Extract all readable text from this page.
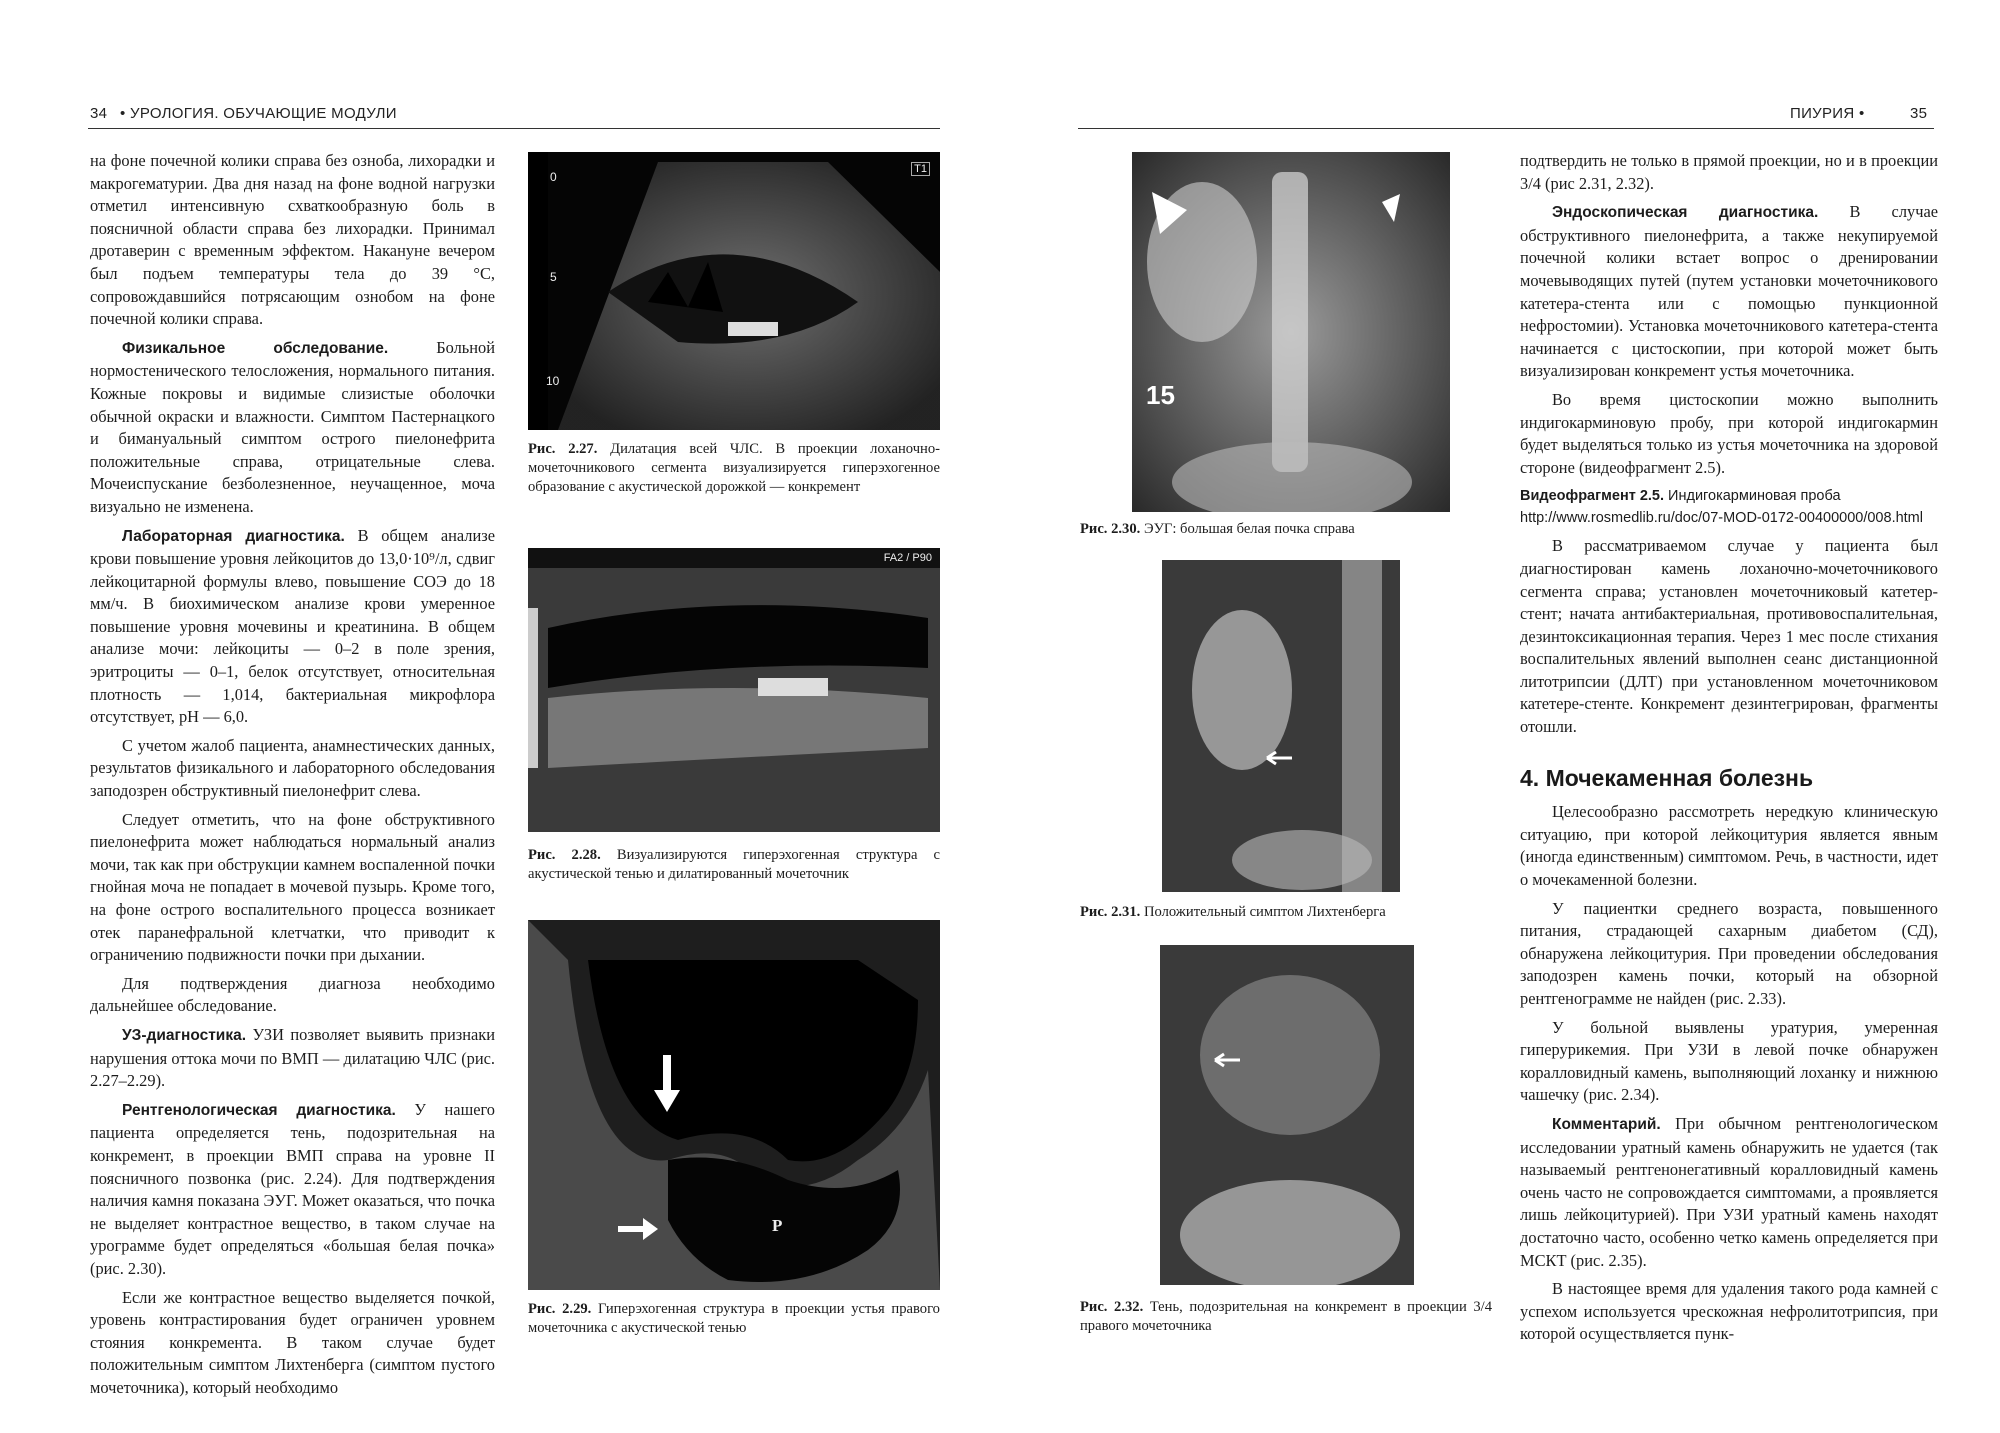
34 • УРОЛОГИЯ. ОБУЧАЮЩИЕ МОДУЛИ	ПИУРИЯ •	35

на фоне почечной колики справа без озноба, лихорадки и макрогематурии. Два дня назад на фоне водной нагрузки отметил интенсивную схваткообразную боль в поясничной области справа без лихорадки. Принимал дротаверин с временным эффектом. Накануне вечером был подъем температуры тела до 39 °С, сопровождавшийся потрясающим ознобом на фоне почечной колики справа.

Физикальное обследование. Больной нормостенического телосложения, нормального питания. Кожные покровы и видимые слизистые оболочки обычной окраски и влажности. Симптом Пастернацкого и бимануальный симптом острого пиелонефрита положительные справа, отрицательные слева. Мочеиспускание безболезненное, неучащенное, моча визуально не изменена.

Лабораторная диагностика. В общем анализе крови повышение уровня лейкоцитов до 13,0·10⁹/л, сдвиг лейкоцитарной формулы влево, повышение СОЭ до 18 мм/ч. В биохимическом анализе крови умеренное повышение уровня мочевины и креатинина. В общем анализе мочи: лейкоциты — 0–2 в поле зрения, эритроциты — 0–1, белок отсутствует, относительная плотность — 1,014, бактериальная микрофлора отсутствует, pH — 6,0.

С учетом жалоб пациента, анамнестических данных, результатов физикального и лабораторного обследования заподозрен обструктивный пиелонефрит слева.

Следует отметить, что на фоне обструктивного пиелонефрита может наблюдаться нормальный анализ мочи, так как при обструкции камнем воспаленной почки гнойная моча не попадает в мочевой пузырь. Кроме того, на фоне острого воспалительного процесса возникает отек паранефральной клетчатки, что приводит к ограничению подвижности почки при дыхании.

Для подтверждения диагноза необходимо дальнейшее обследование.

УЗ-диагностика. УЗИ позволяет выявить признаки нарушения оттока мочи по ВМП — дилатацию ЧЛС (рис. 2.27–2.29).

Рентгенологическая диагностика. У нашего пациента определяется тень, подозрительная на конкремент, в проекции ВМП справа на уровне II поясничного позвонка (рис. 2.24). Для подтверждения наличия камня показана ЭУГ. Может оказаться, что почка не выделяет контрастное вещество, в таком случае на урограмме будет определяться «большая белая почка» (рис. 2.30).

Если же контрастное вещество выделяется почкой, уровень контрастирования будет ограничен уровнем стояния конкремента. В таком случае будет положительным симптом Лихтенберга (симптом пустого мочеточника), который необходимо

0
5
10
T1
Рис. 2.27. Дилатация всей ЧЛС. В проекции лоханочно-мочеточникового сегмента визуализируется гиперэхогенное образование с акустической дорожкой — конкремент
FA2 / P90
Рис. 2.28. Визуализируются гиперэхогенная структура с акустической тенью и дилатированный мочеточник
P
Рис. 2.29. Гиперэхогенная структура в проекции устья правого мочеточника с акустической тенью
15
Рис. 2.30. ЭУГ: большая белая почка справа
Рис. 2.31. Положительный симптом Лихтенберга
Рис. 2.32. Тень, подозрительная на конкремент в проекции 3/4 правого мочеточника

подтвердить не только в прямой проекции, но и в проекции 3/4 (рис 2.31, 2.32).

Эндоскопическая диагностика. В случае обструктивного пиелонефрита, а также некупируемой почечной колики встает вопрос о дренировании мочевыводящих путей (путем установки мочеточникового катетера-стента или с помощью пункционной нефростомии). Установка мочеточникового катетера-стента начинается с цистоскопии, при которой может быть визуализирован конкремент устья мочеточника.

Во время цистоскопии можно выполнить индигокарминовую пробу, при которой индигокармин будет выделяться только из устья мочеточника на здоровой стороне (видеофрагмент 2.5).

Видеофрагмент 2.5. Индигокарминовая проба
http://www.rosmedlib.ru/doc/07-MOD-0172-00400000/008.html

В рассматриваемом случае у пациента был диагностирован камень лоханочно-мочеточникового сегмента справа; установлен мочеточниковый катетер-стент; начата антибактериальная, противовоспалительная, дезинтоксикационная терапия. Через 1 мес после стихания воспалительных явлений выполнен сеанс дистанционной литотрипсии (ДЛТ) при установленном мочеточниковом катетере-стенте. Конкремент дезинтегрирован, фрагменты отошли.

4. Мочекаменная болезнь

Целесообразно рассмотреть нередкую клиническую ситуацию, при которой лейкоцитурия является явным (иногда единственным) симптомом. Речь, в частности, идет о мочекаменной болезни.

У пациентки среднего возраста, повышенного питания, страдающей сахарным диабетом (СД), обнаружена лейкоцитурия. При проведении обследования заподозрен камень почки, который на обзорной рентгенограмме не найден (рис. 2.33).

У больной выявлены уратурия, умеренная гиперурикемия. При УЗИ в левой почке обнаружен коралловидный камень, выполняющий лоханку и нижнюю чашечку (рис. 2.34).

Комментарий. При обычном рентгенологическом исследовании уратный камень обнаружить не удается (так называемый рентгенонегативный коралловидный камень очень часто не сопровождается симптомами, а проявляется лишь лейкоцитурией). При УЗИ уратный камень находят достаточно часто, особенно четко камень определяется при МСКТ (рис. 2.35).

В настоящее время для удаления такого рода камней с успехом используется чрескожная нефролитотрипсия, при которой осуществляется пунк-
